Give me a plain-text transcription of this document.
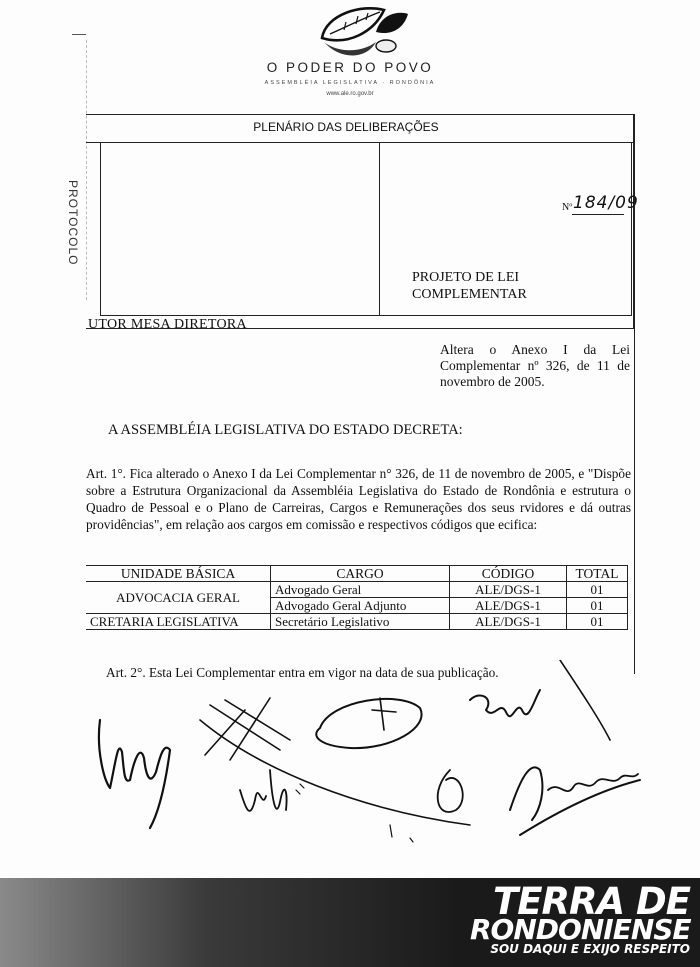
O PODER DO POVO
ASSEMBLÉIA LEGISLATIVA · RONDÔNIA
www.ale.ro.gov.br
PLENÁRIO DAS DELIBERAÇÕES
PROTOCOLO	Nº 184/09
PROJETO DE LEI
COMPLEMENTAR
UTOR MESA DIRETORA
Altera o Anexo I da Lei Complementar nº 326, de 11 de novembro de 2005.
A ASSEMBLÉIA LEGISLATIVA DO ESTADO DECRETA:
Art. 1°. Fica alterado o Anexo I da Lei Complementar n° 326, de 11 de novembro de 2005, e "Dispõe sobre a Estrutura Organizacional da Assembléia Legislativa do Estado de Rondônia e estrutura o Quadro de Pessoal e o Plano de Carreiras, Cargos e Remunerações dos seus rvidores e dá outras providências", em relação aos cargos em comissão e respectivos códigos que ecifica:
UNIDADE BÁSICA	CARGO	CÓDIGO	TOTAL
ADVOCACIA GERAL	Advogado Geral	ALE/DGS-1	01
	Advogado Geral Adjunto	ALE/DGS-1	01
CRETARIA LEGISLATIVA	Secretário Legislativo	ALE/DGS-1	01
Art. 2°. Esta Lei Complementar entra em vigor na data de sua publicação.
TERRA DE
RONDONIENSE
SOU DAQUI E EXIJO RESPEITO
